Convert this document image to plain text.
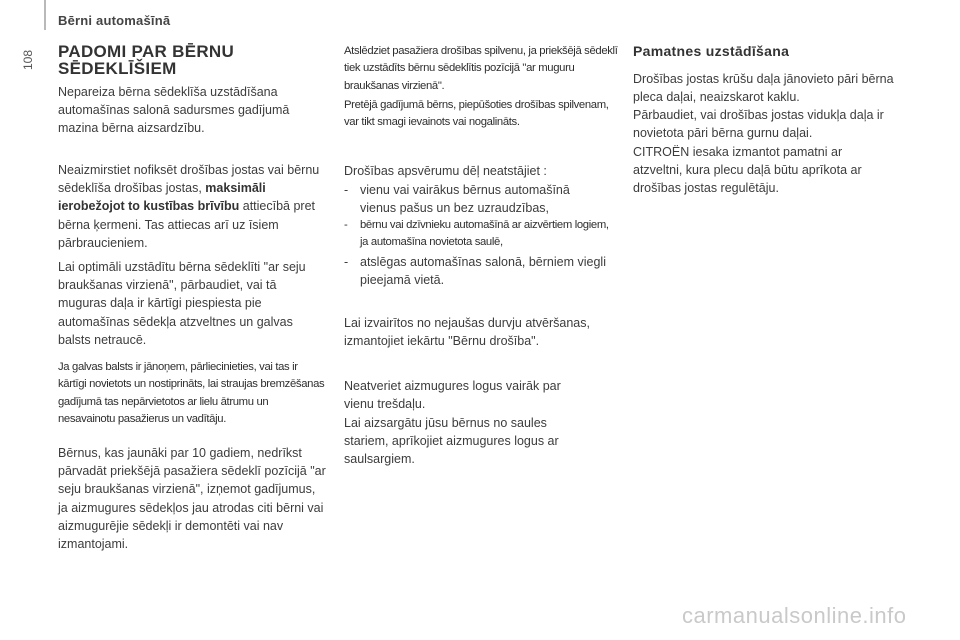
108
Bērni automašīnā
PADOMI PAR BĒRNU SĒDEKLĪŠIEM

Nepareiza bērna sēdeklīša uzstādīšana automašīnas salonā sadursmes gadījumā mazina bērna aizsardzību.

Neaizmirstiet nofiksēt drošības jostas vai bērnu sēdeklīša drošības jostas, maksimāli ierobežojot to kustības brīvību attiecībā pret bērna ķermeni. Tas attiecas arī uz īsiem pārbraucieniem.

Lai optimāli uzstādītu bērna sēdeklīti "ar seju braukšanas virzienā", pārbaudiet, vai tā muguras daļa ir kārtīgi piespiesta pie automašīnas sēdekļa atzveltnes un galvas balsts netraucē.

Ja galvas balsts ir jānoņem, pārliecinieties, vai tas ir kārtīgi novietots un nostiprināts, lai straujas bremzēšanas gadījumā tas nepārvietotos ar lielu ātrumu un nesavainotu pasažierus un vadītāju.

Bērnus, kas jaunāki par 10 gadiem, nedrīkst pārvadāt priekšējā pasažiera sēdeklī pozīcijā "ar seju braukšanas virzienā", izņemot gadījumus, ja aizmugures sēdekļos jau atrodas citi bērni vai aizmugurējie sēdekļi ir demontēti vai nav izmantojami.

Atslēdziet pasažiera drošības spilvenu, ja priekšējā sēdeklī tiek uzstādīts bērnu sēdeklītis pozīcijā "ar muguru braukšanas virzienā".

Pretējā gadījumā bērns, piepūšoties drošības spilvenam, var tikt smagi ievainots vai nogalināts.

Drošības apsvērumu dēļ neatstājiet :

- vienu vai vairākus bērnus automašīnā vienus pašus un bez uzraudzības,
-	bērnu vai dzīvnieku automašīnā ar aizvērtiem logiem, ja automašīna novietota saulē,
- atslēgas automašīnas salonā, bērniem viegli pieejamā vietā.

Lai izvairītos no nejaušas durvju atvēršanas, izmantojiet iekārtu "Bērnu drošība".

Neatveriet aizmugures logus vairāk par vienu trešdaļu.

Lai aizsargātu jūsu bērnus no saules stariem, aprīkojiet aizmugures logus ar saulsargiem.

Pamatnes uzstādīšana

Drošības jostas krūšu daļa jānovieto pāri bērna pleca daļai, neaizskarot kaklu.

Pārbaudiet, vai drošības jostas vidukļa daļa ir novietota pāri bērna gurnu daļai.

CITROËN iesaka izmantot pamatni ar atzveltni, kura plecu daļā būtu aprīkota ar drošības jostas regulētāju.

carmanualsonline.info
